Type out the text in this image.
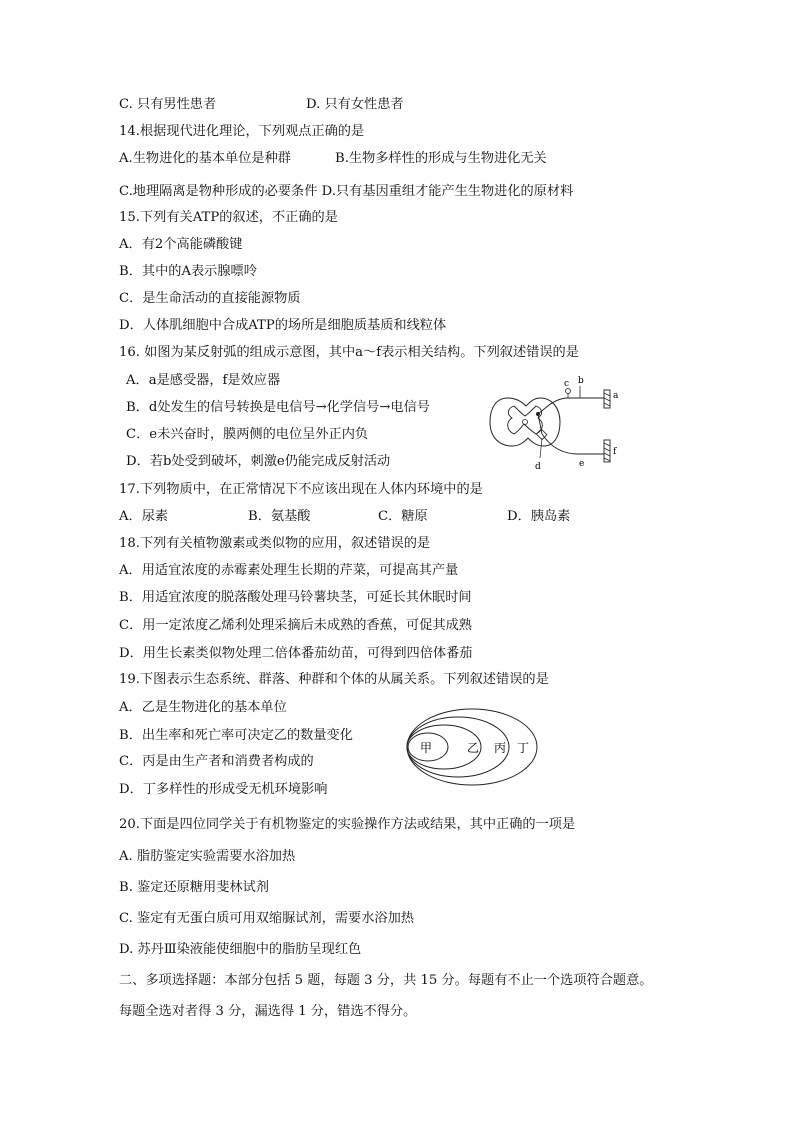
C. 只有男性患者	D. 只有女性患者
14.根据现代进化理论，下列观点正确的是
A.生物进化的基本单位是种群	B.生物多样性的形成与生物进化无关
C.地理隔离是物种形成的必要条件 D.只有基因重组才能产生生物进化的原材料
15.下列有关ATP的叙述，不正确的是
A．有2个高能磷酸键
B．其中的A表示腺嘌呤
C．是生命活动的直接能源物质
D．人体肌细胞中合成ATP的场所是细胞质基质和线粒体
16. 如图为某反射弧的组成示意图，其中a～f表示相关结构。下列叙述错误的是
A．a是感受器，f是效应器
B．d处发生的信号转换是电信号→化学信号→电信号
C．e未兴奋时，膜两侧的电位呈外正内负
D．若b处受到破坏，刺激e仍能完成反射活动
c b
a
d	e
f
17.下列物质中，在正常情况下不应该出现在人体内环境中的是
A．尿素	B．氨基酸	C．糖原	D．胰岛素
18.下列有关植物激素或类似物的应用，叙述错误的是
A．用适宜浓度的赤霉素处理生长期的芹菜，可提高其产量
B．用适宜浓度的脱落酸处理马铃薯块茎，可延长其休眠时间
C．用一定浓度乙烯利处理采摘后未成熟的香蕉，可促其成熟
D．用生长素类似物处理二倍体番茄幼苗，可得到四倍体番茄
19.下图表示生态系统、群落、种群和个体的从属关系。下列叙述错误的是
A．乙是生物进化的基本单位
B．出生率和死亡率可决定乙的数量变化
C．丙是由生产者和消费者构成的
D．丁多样性的形成受无机环境影响
甲	乙 丙 丁
20.下面是四位同学关于有机物鉴定的实验操作方法或结果，其中正确的一项是
A. 脂肪鉴定实验需要水浴加热
B. 鉴定还原糖用斐林试剂
C. 鉴定有无蛋白质可用双缩脲试剂，需要水浴加热
D. 苏丹Ⅲ染液能使细胞中的脂肪呈现红色
二、多项选择题：本部分包括 5 题，每题 3 分，共 15 分。每题有不止一个选项符合题意。
每题全选对者得 3 分，漏选得 1 分，错选不得分。
